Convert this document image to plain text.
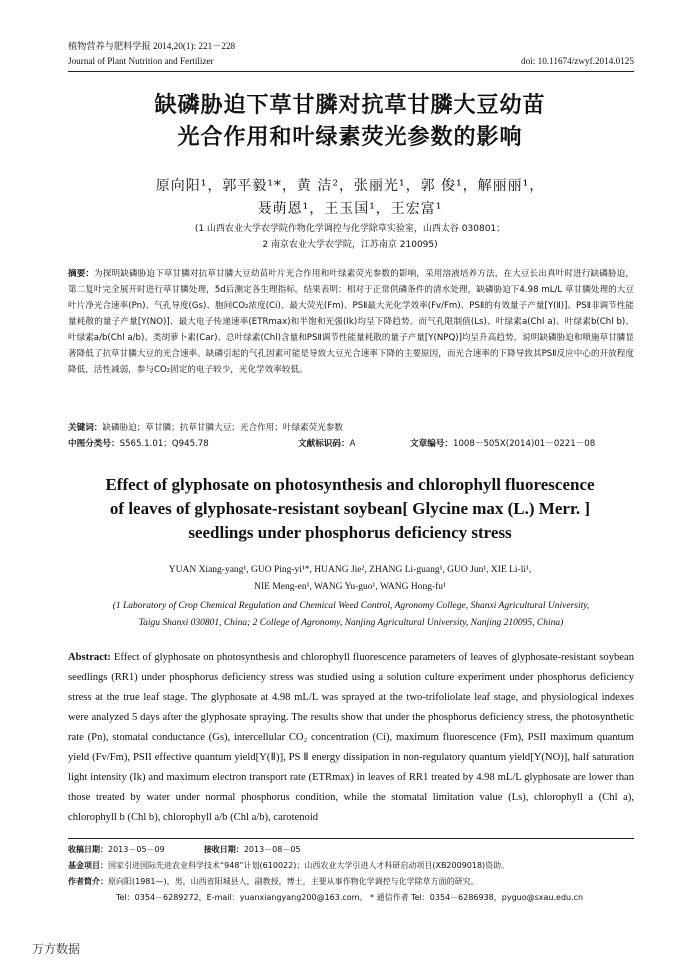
植物营养与肥料学报 2014,20(1): 221－228
Journal of Plant Nutrition and Fertilizer	doi: 10.11674/zwyf.2014.0125
缺磷胁迫下草甘膦对抗草甘膦大豆幼苗
光合作用和叶绿素荧光参数的影响
原向阳¹，郭平毅¹*，黄 洁²，张丽光¹，郭 俊¹，解丽丽¹，
聂萌恩¹，王玉国¹，王宏富¹
(1 山西农业大学农学院作物化学调控与化学除草实验室，山西太谷 030801；
2 南京农业大学农学院，江苏南京 210095)
摘要：为探明缺磷胁迫下草甘膦对抗草甘膦大豆幼苗叶片光合作用和叶绿素荧光参数的影响，采用溶液培养方法，在大豆长出真叶时进行缺磷胁迫，第二复叶完全展开时进行草甘膦处理，5d后测定各生理指标。结果表明：相对于正常供磷条件的清水处理，缺磷胁迫下4.98 mL/L 草甘膦处理的大豆叶片净光合速率(Pn)、气孔导度(Gs)、胞间CO₂浓度(Ci)、最大荧光(Fm)、PSⅡ最大光化学效率(Fv/Fm)、PSⅡ的有效量子产量[Y(Ⅱ)]、PSⅡ非调节性能量耗散的量子产量[Y(NO)]、最大电子传递速率(ETRmax)和半饱和光强(Ik)均呈下降趋势。而气孔限制值(Ls)、叶绿素a(Chl a)、叶绿素b(Chl b)、叶绿素a/b(Chl a/b)、类胡萝卜素(Car)、总叶绿素(Chl)含量和PSⅡ调节性能量耗散的量子产量[Y(NPQ)]均呈升高趋势。说明缺磷胁迫和喷施草甘膦显著降低了抗草甘膦大豆的光合速率。缺磷引起的气孔因素可能是导致大豆光合速率下降的主要原因，而光合速率的下降导致其PSⅡ反应中心的开放程度降低，活性减弱，参与CO₂固定的电子较少，光化学效率较低。
关键词：缺磷胁迫；草甘膦；抗草甘膦大豆；光合作用；叶绿素荧光参数
中图分类号：S565.1.01；Q945.78	文献标识码：A	文章编号：1008－505X(2014)01－0221－08
Effect of glyphosate on photosynthesis and chlorophyll fluorescence
of leaves of glyphosate-resistant soybean[ Glycine max (L.) Merr. ]
seedlings under phosphorus deficiency stress
YUAN Xiang-yang¹, GUO Ping-yi¹*, HUANG Jie², ZHANG Li-guang¹, GUO Jun¹, XIE Li-li¹,
NIE Meng-en¹, WANG Yu-guo¹, WANG Hong-fu¹
(1 Laboratory of Crop Chemical Regulation and Chemical Weed Control, Agronomy College, Shanxi Agricultural University,
Taigu Shanxi 030801, China; 2 College of Agronomy, Nanjing Agricultural University, Nanjing 210095, China)
Abstract: Effect of glyphosate on photosynthesis and chlorophyll fluorescence parameters of leaves of glyphosate-resistant soybean seedlings (RR1) under phosphorus deficiency stress was studied using a solution culture experiment under phosphorus deficiency stress at the true leaf stage. The glyphosate at 4.98 mL/L was sprayed at the two-trifoliolate leaf stage, and physiological indexes were analyzed 5 days after the glyphosate spraying. The results show that under the phosphorus deficiency stress, the photosynthetic rate (Pn), stomatal conductance (Gs), intercellular CO₂ concentration (Ci), maximum fluorescence (Fm), PSII maximum quantum yield (Fv/Fm), PSII effective quantum yield[Y(Ⅱ)], PS Ⅱ energy dissipation in non-regulatory quantum yield[Y(NO)], half saturation light intensity (Ik) and maximum electron transport rate (ETRmax) in leaves of RR1 treated by 4.98 mL/L glyphosate are lower than those treated by water under normal phosphorus condition, while the stomatal limitation value (Ls), chlorophyll a (Chl a), chlorophyll b (Chl b), chlorophyll a/b (Chl a/b), carotenoid
收稿日期：2013－05－09	接收日期：2013－08－05
基金项目：国家引进国际先进农业科学技术“948”计划(610022)；山西农业大学引进人才科研启动项目(XB2009018)资助。
作者简介：原向阳(1981—)，男，山西省阳城县人，副教授，博士，主要从事作物化学调控与化学除草方面的研究。
Tel：0354－6289272，E-mail：yuanxiangyang200@163.com。 * 通信作者 Tel：0354－6286938，pyguo@sxau.edu.cn
万方数据
